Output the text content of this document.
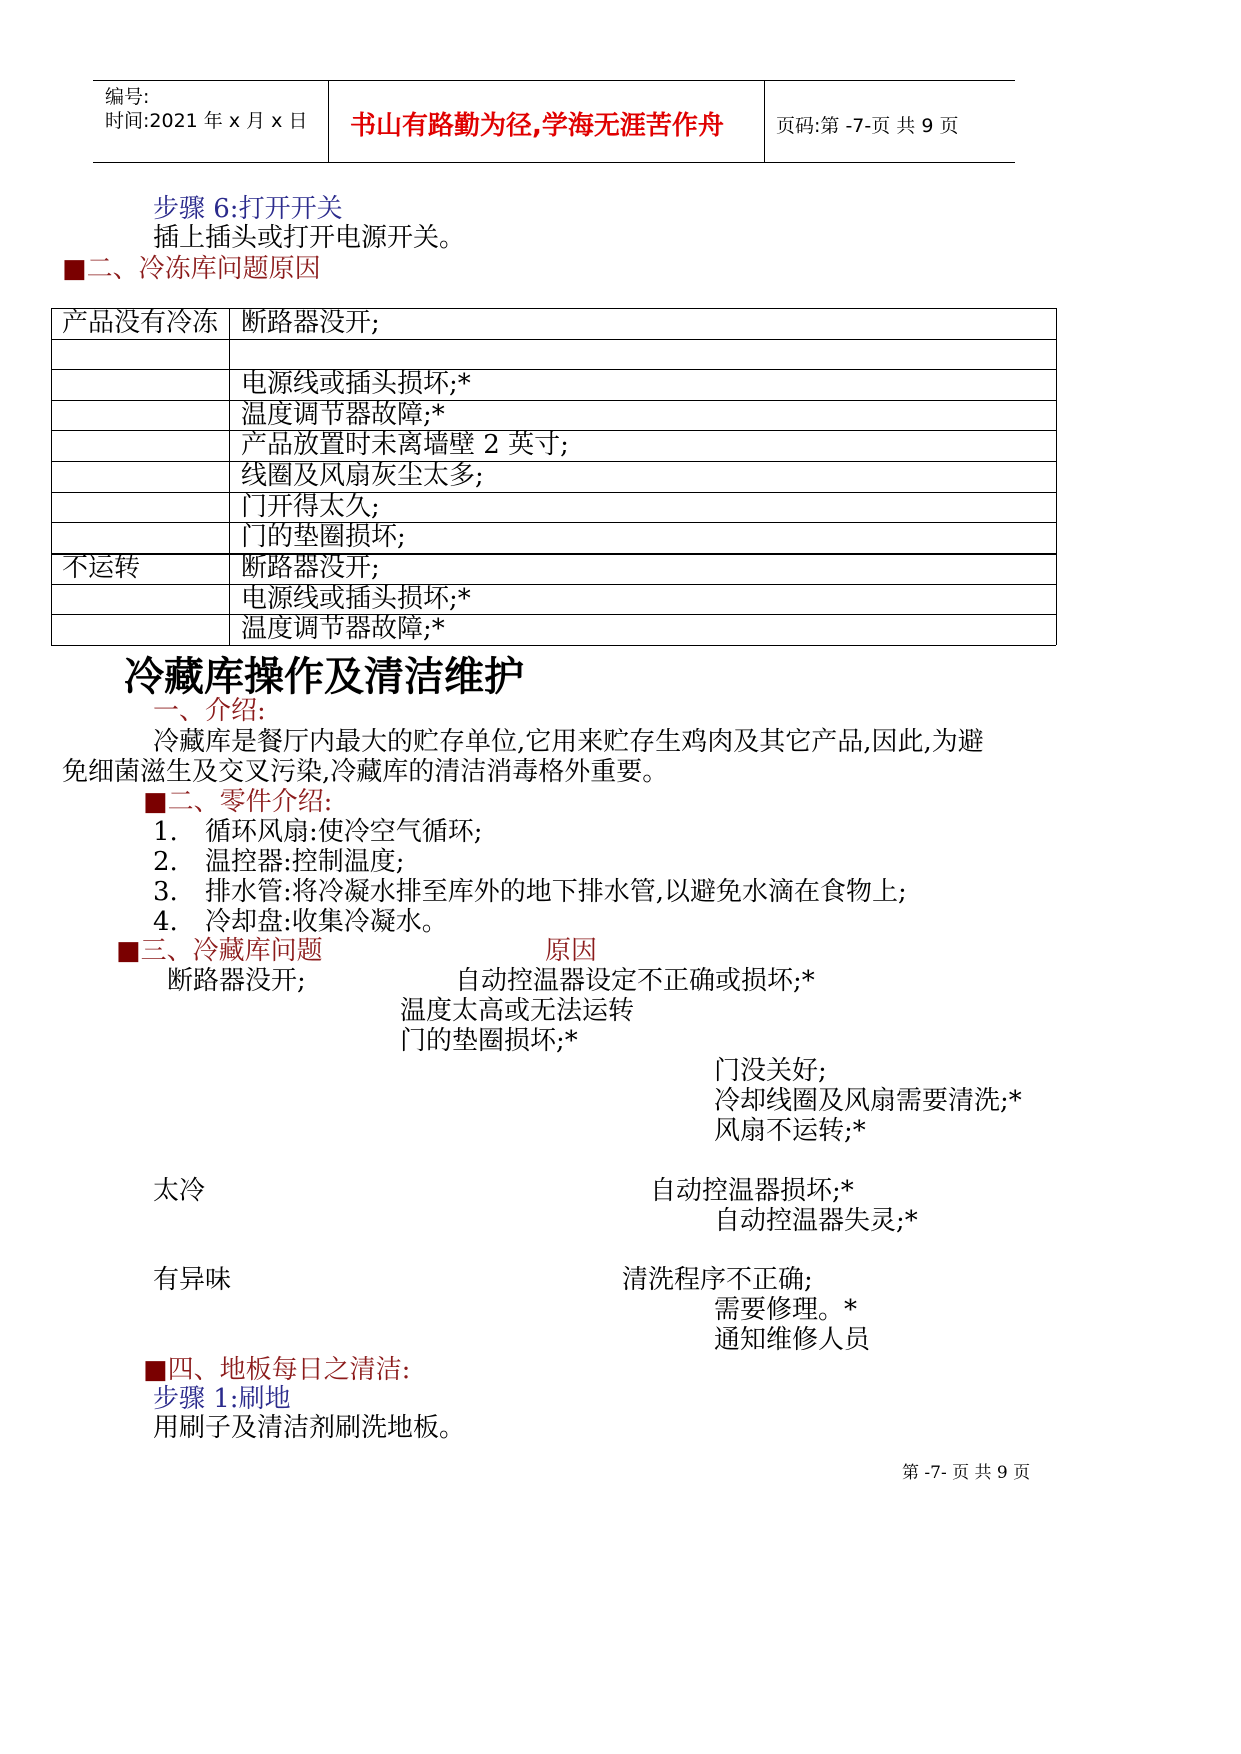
编号:
时间:2021 年 x 月 x 日 书山有路勤为径,学海无涯苦作舟	页码:第 -7-页 共 9 页
步骤 6:打开开关
插上插头或打开电源开关。
■二、冷冻库问题原因
产品没有冷冻 断路器没开;
电源线或插头损坏;*
温度调节器故障;*
产品放置时未离墙壁 2 英寸;
线圈及风扇灰尘太多;
门开得太久;
门的垫圈损坏;
不运转	断路器没开;
电源线或插头损坏;*
温度调节器故障;*
冷藏库操作及清洁维护
一、介绍:
冷藏库是餐厅内最大的贮存单位,它用来贮存生鸡肉及其它产品,因此,为避
免细菌滋生及交叉污染,冷藏库的清洁消毒格外重要。
■二、零件介绍:
1. 循环风扇:使冷空气循环;
2. 温控器:控制温度;
3. 排水管:将冷凝水排至库外的地下排水管,以避免水滴在食物上;
4. 冷却盘:收集冷凝水。
■三、冷藏库问题	原因
断路器没开;	自动控温器设定不正确或损坏;*
温度太高或无法运转
门的垫圈损坏;*
门没关好;
冷却线圈及风扇需要清洗;*
风扇不运转;*
太冷	自动控温器损坏;*
自动控温器失灵;*
有异味	清洗程序不正确;
需要修理。*
通知维修人员
■四、地板每日之清洁:
步骤 1:刷地
用刷子及清洁剂刷洗地板。
第 -7- 页 共 9 页
